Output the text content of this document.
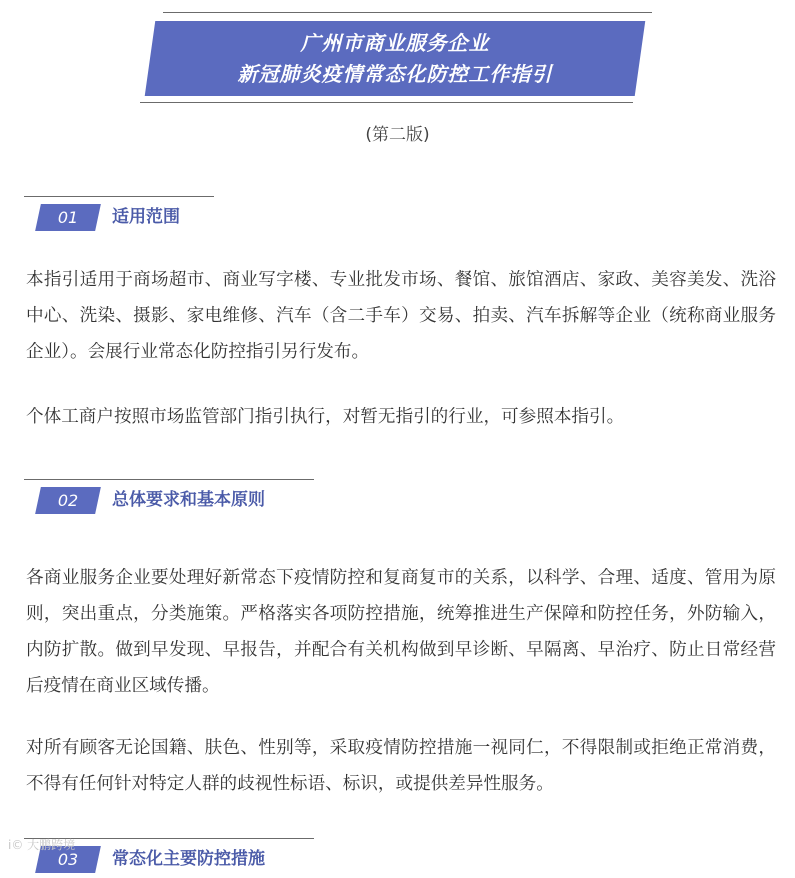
广州市商业服务企业
新冠肺炎疫情常态化防控工作指引
(第二版)
01	适用范围

本指引适用于商场超市、商业写字楼、专业批发市场、餐馆、旅馆酒店、家政、美容美发、洗浴中心、洗染、摄影、家电维修、汽车（含二手车）交易、拍卖、汽车拆解等企业（统称商业服务企业）。会展行业常态化防控指引另行发布。

个体工商户按照市场监管部门指引执行，对暂无指引的行业，可参照本指引。

02	总体要求和基本原则

各商业服务企业要处理好新常态下疫情防控和复商复市的关系，以科学、合理、适度、管用为原则，突出重点，分类施策。严格落实各项防控措施，统筹推进生产保障和防控任务，外防输入，内防扩散。做到早发现、早报告，并配合有关机构做到早诊断、早隔离、早治疗、防止日常经营后疫情在商业区域传播。

对所有顾客无论国籍、肤色、性别等，采取疫情防控措施一视同仁，不得限制或拒绝正常消费，不得有任何针对特定人群的歧视性标语、标识，或提供差异性服务。

03	常态化主要防控措施
i© 大鹏跨境
